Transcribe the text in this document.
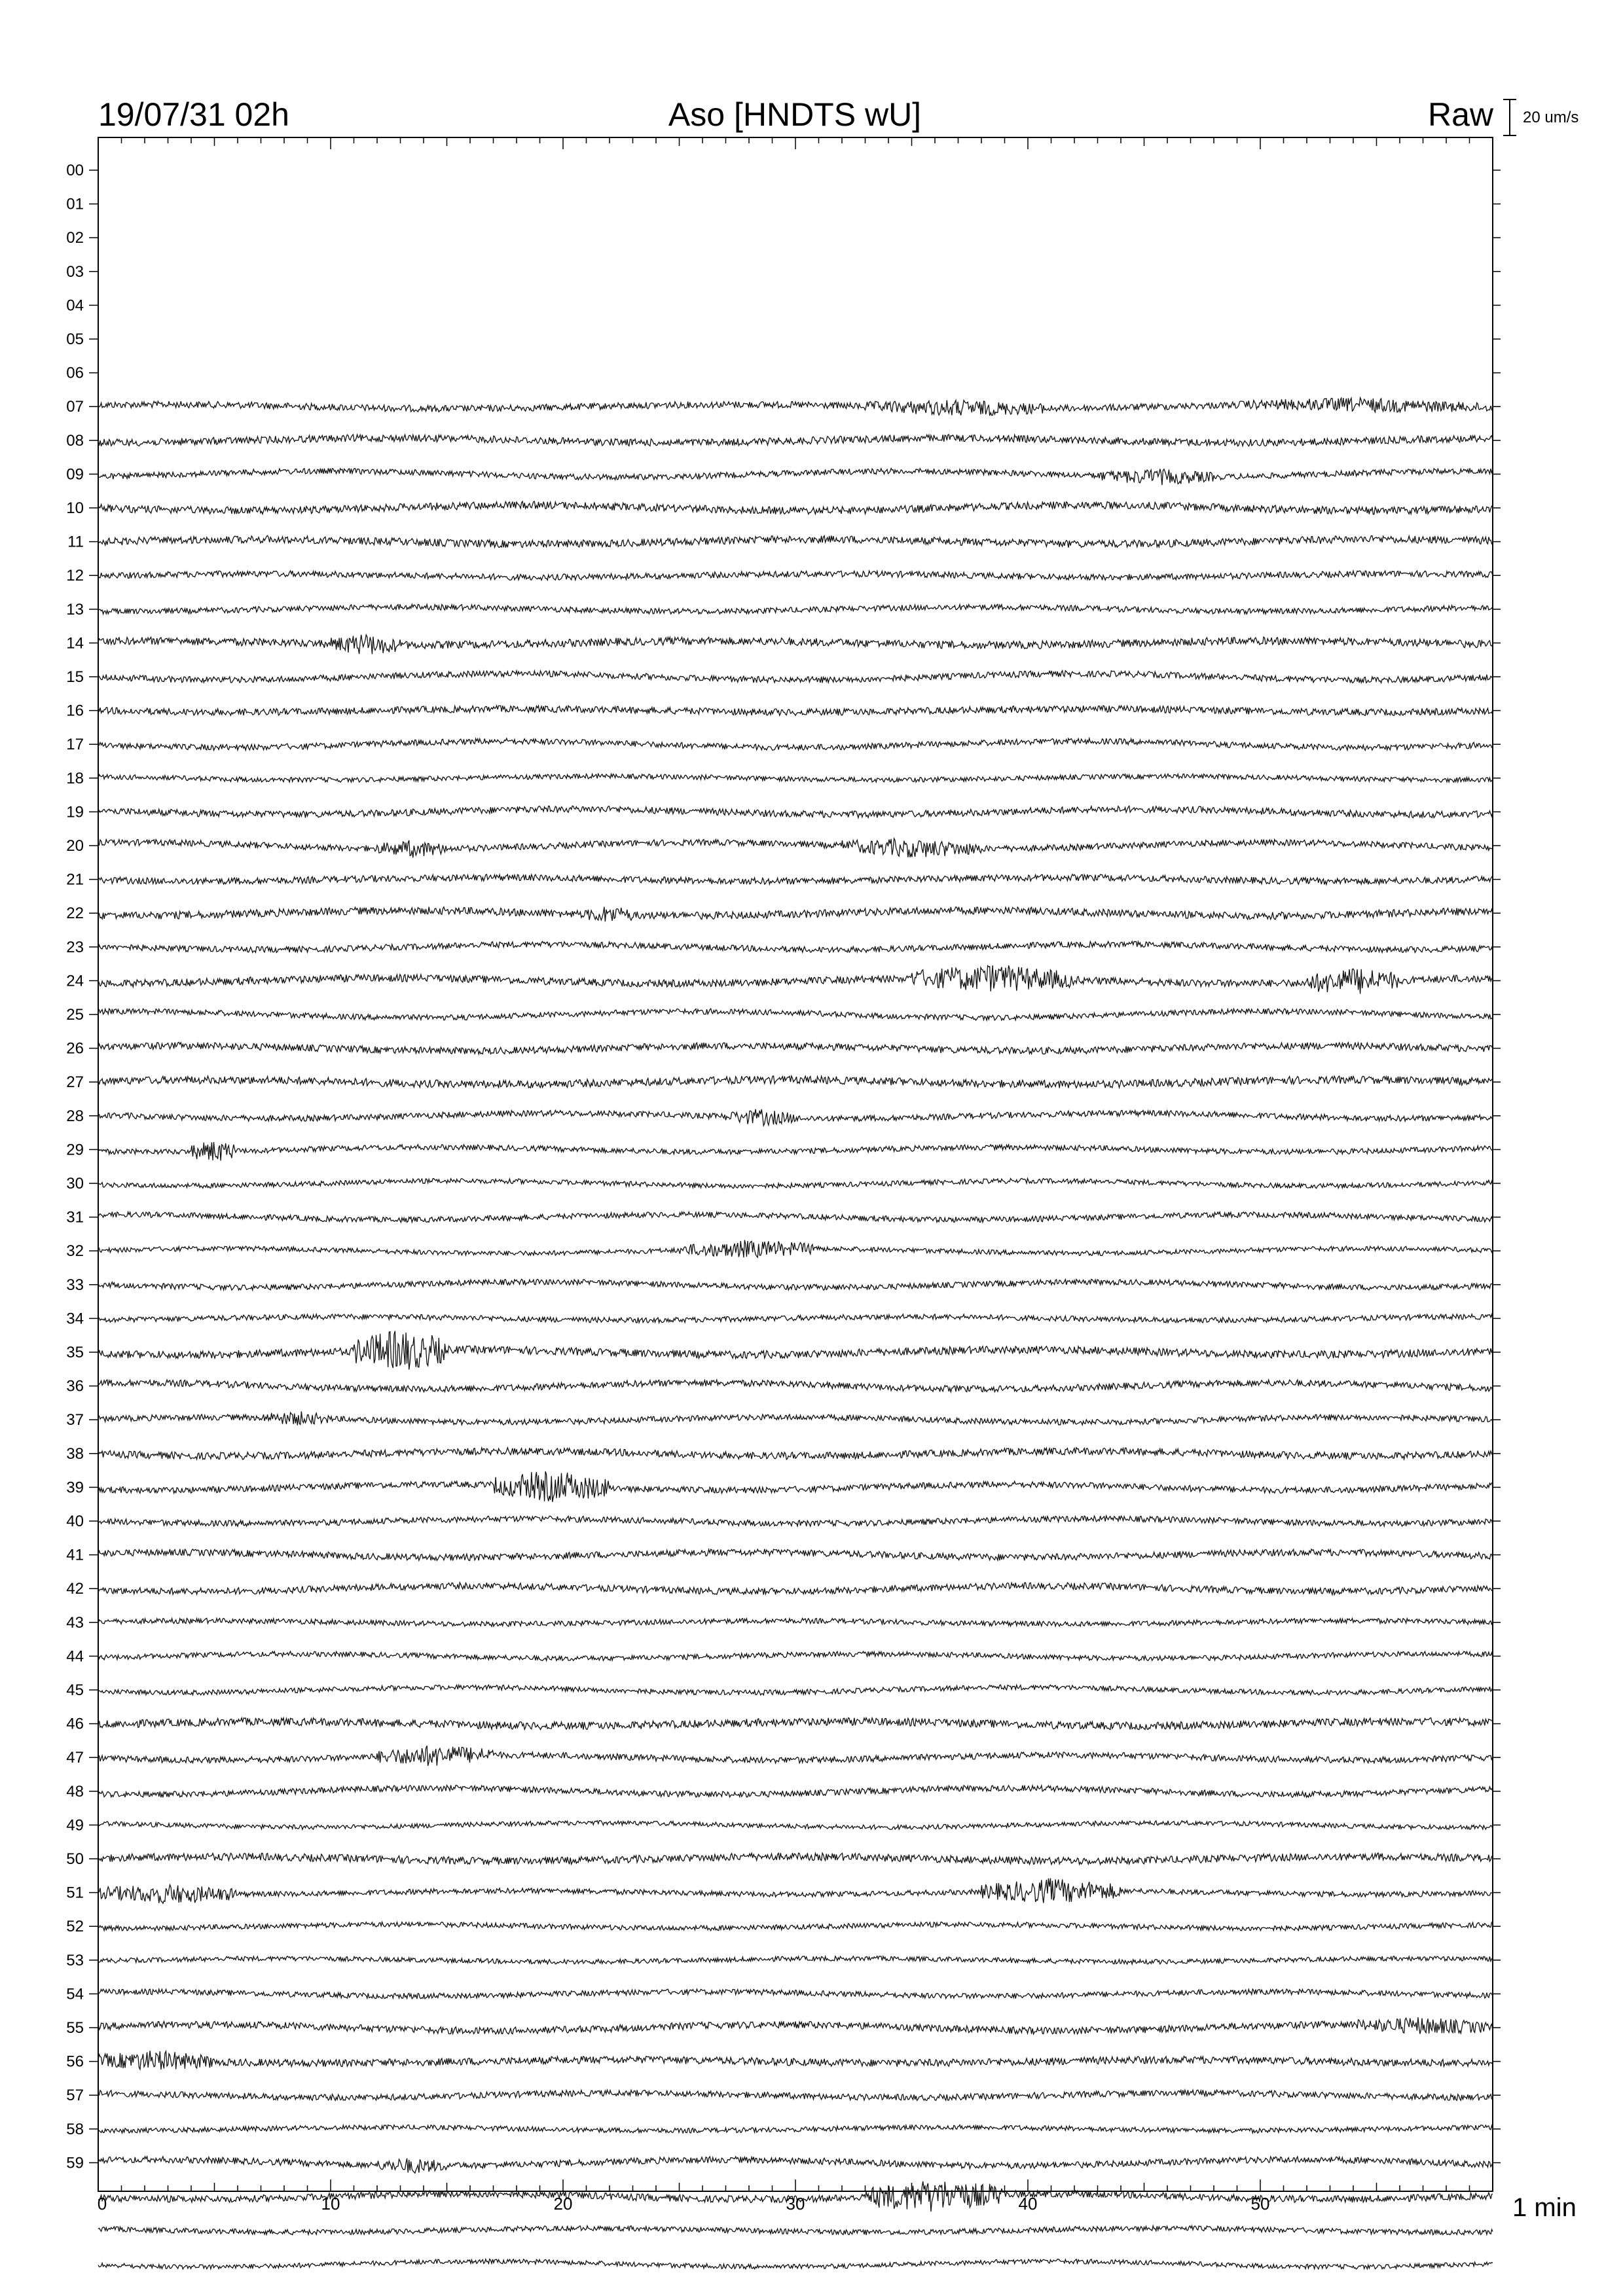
19/07/31 02h	Aso [HNDTS wU]	Raw 20 um/s
00
01
02
03
04
05
06
07
08
09
10
11
12
13
14
15
16
17
18
19
20
21
22
23
24
25
26
27
28
29
30
31
32
33
34
35
36
37
38
39
40
41
42
43
44
45
46
47
48
49
50
51
52
53
54
55
56
57
58
59
0	10	20	30	40	50	1 min
